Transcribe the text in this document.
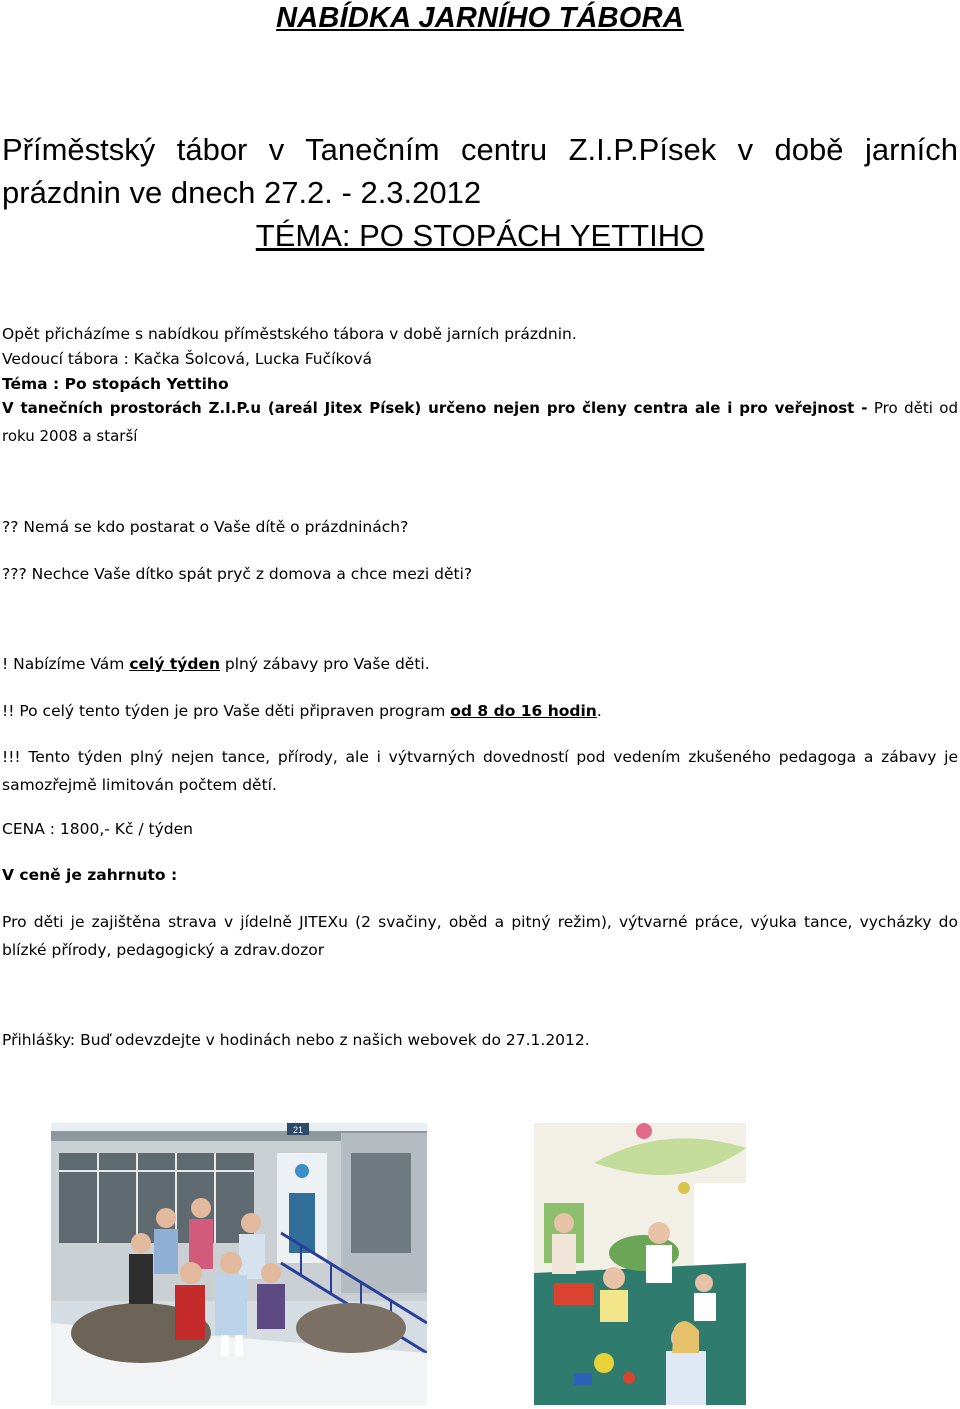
NABÍDKA JARNÍHO TÁBORA
Příměstský tábor v Tanečním centru Z.I.P.Písek v době jarních
prázdnin ve dnech 27.2. - 2.3.2012
TÉMA: PO STOPÁCH YETTIHO
Opět přicházíme s nabídkou příměstského tábora v době jarních prázdnin.
Vedoucí tábora : Kačka Šolcová, Lucka Fučíková
Téma : Po stopách Yettiho
V tanečních prostorách Z.I.P.u (areál Jitex Písek) určeno nejen pro členy centra ale i pro veřejnost - Pro děti od roku 2008 a starší
?? Nemá se kdo postarat o Vaše dítě o prázdninách?
??? Nechce Vaše dítko spát pryč z domova a chce mezi děti?
! Nabízíme Vám celý týden plný zábavy pro Vaše děti.
!! Po celý tento týden je pro Vaše děti připraven program od 8 do 16 hodin.
!!! Tento týden plný nejen tance, přírody, ale i výtvarných dovedností pod vedením zkušeného pedagoga a zábavy je samozřejmě limitován počtem dětí.
CENA : 1800,- Kč / týden
V ceně je zahrnuto :
Pro děti je zajištěna strava v jídelně JITEXu (2 svačiny, oběd a pitný režim), výtvarné práce, výuka tance, vycházky do blízké přírody, pedagogický a zdrav.dozor
Přihlášky: Buď odevzdejte v hodinách nebo z našich webovek do 27.1.2012.
21
